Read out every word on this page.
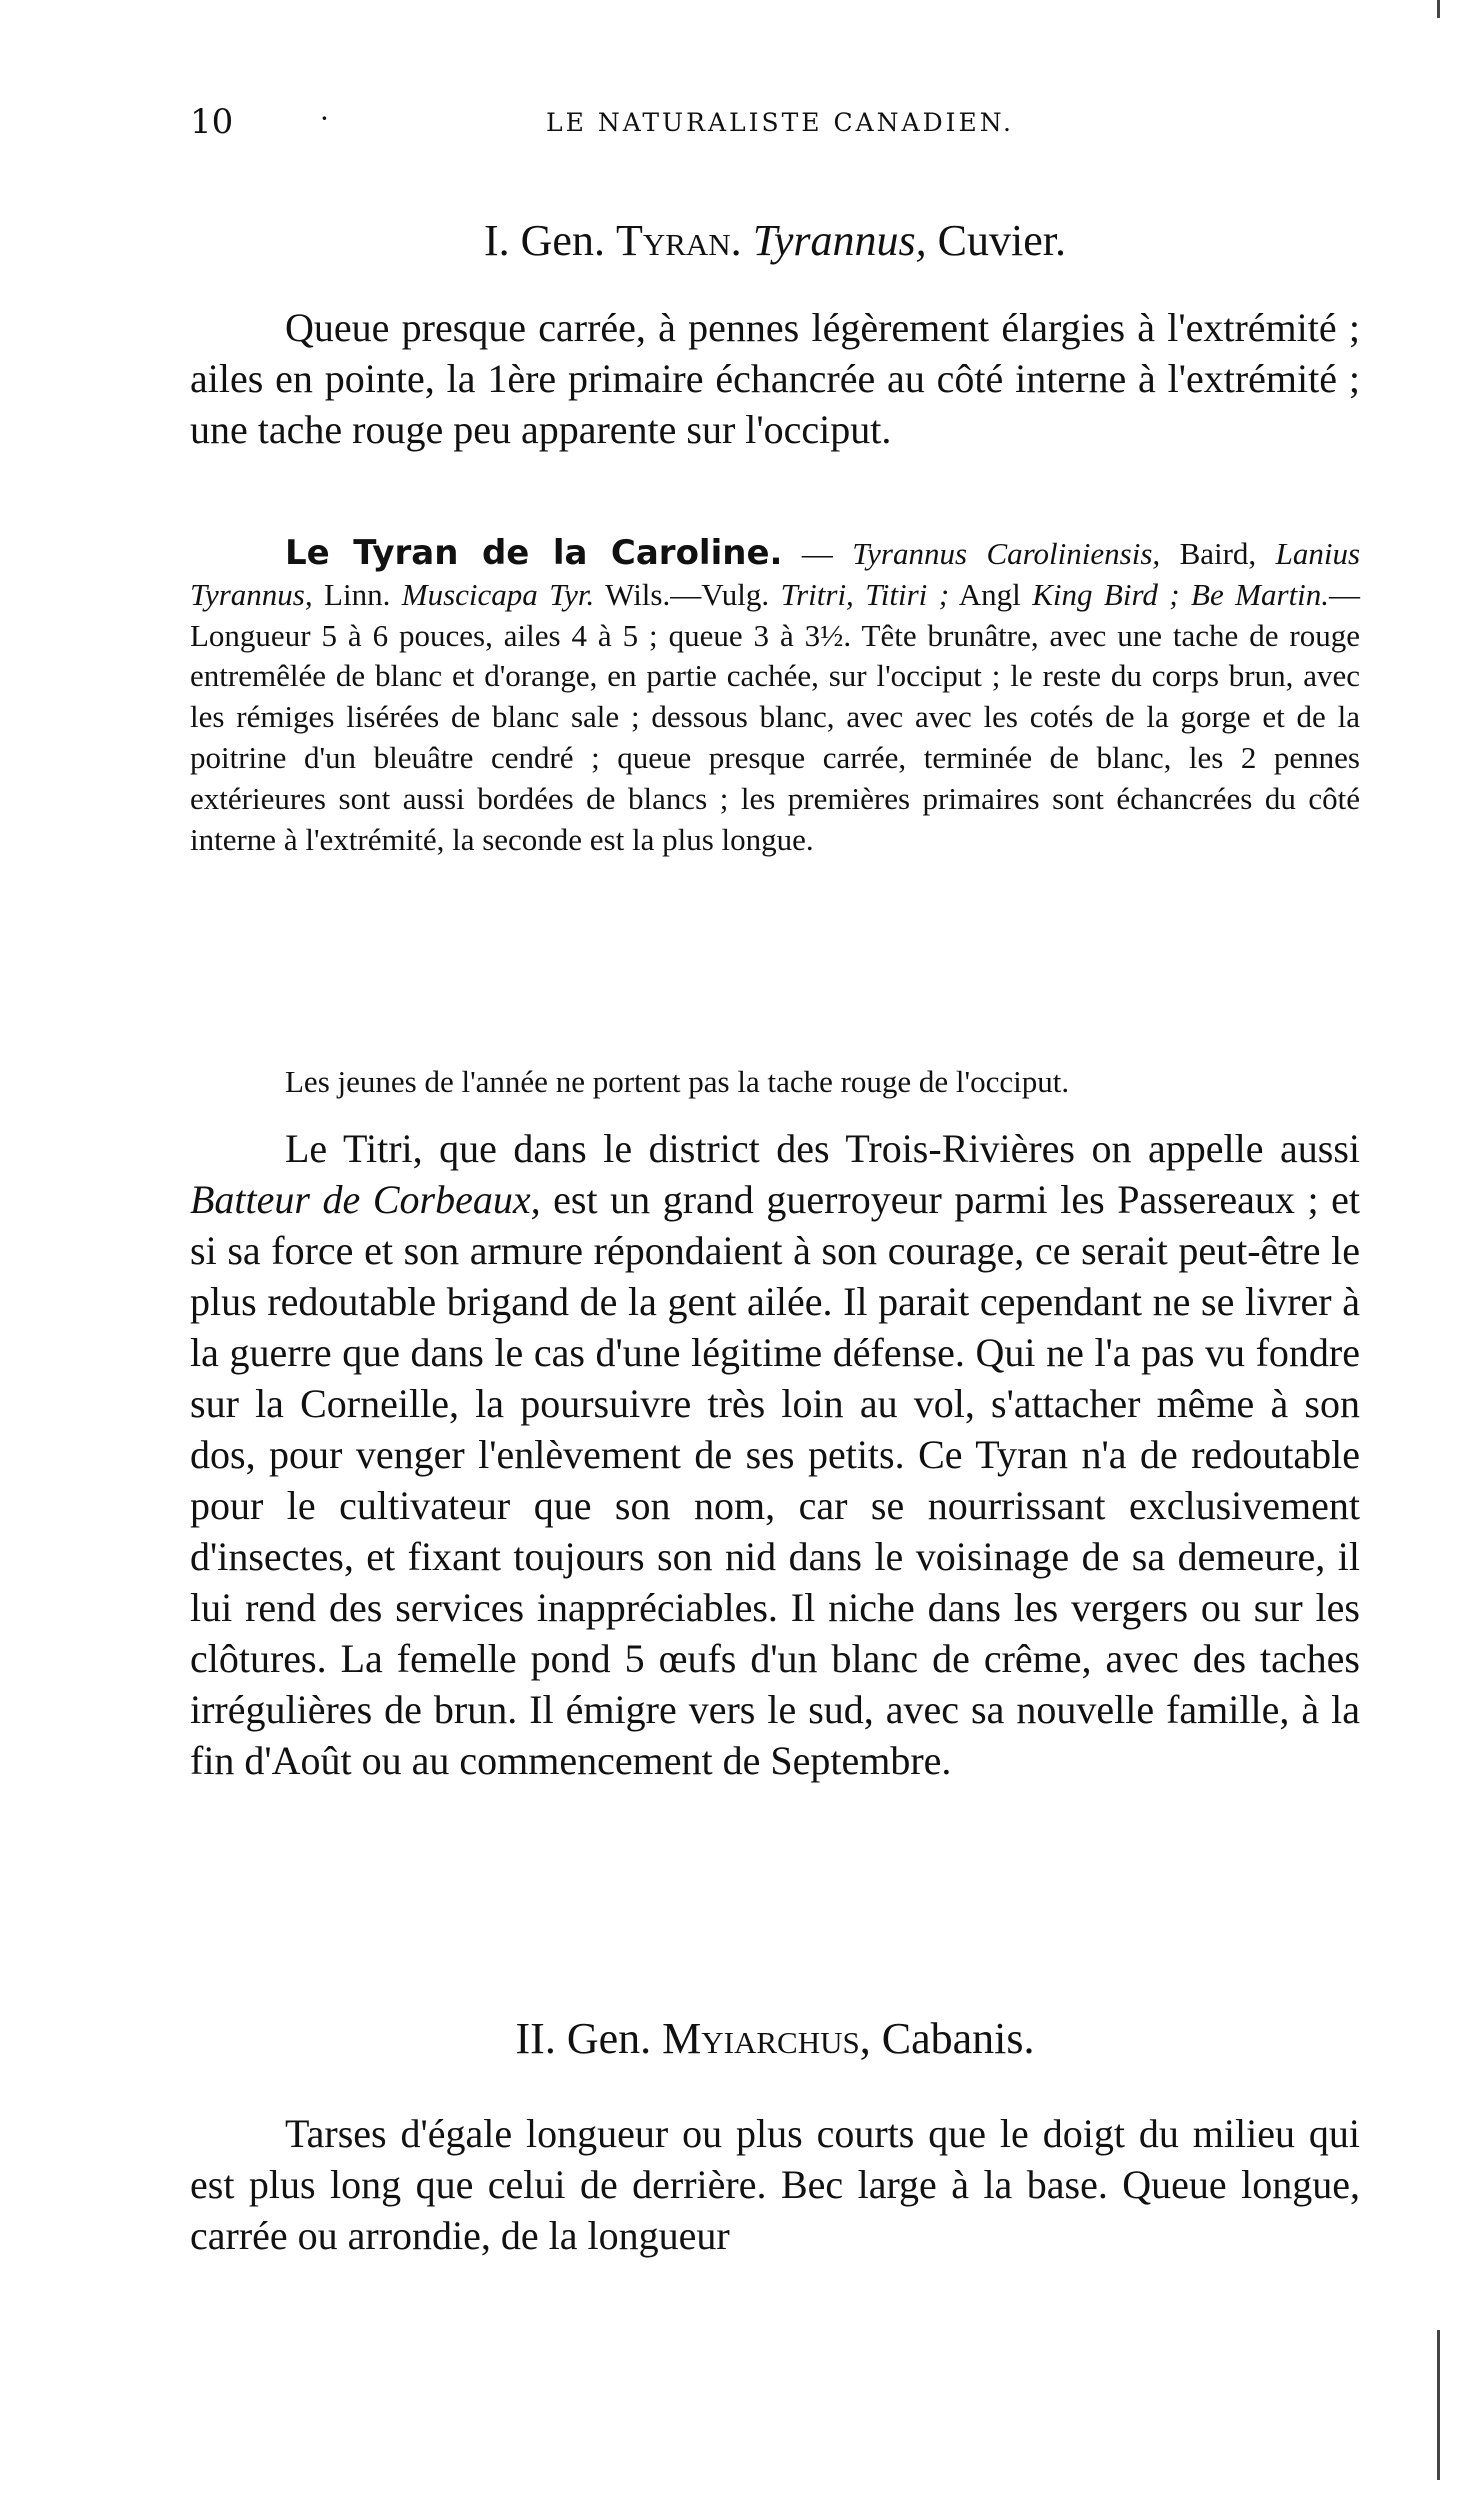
10	·	LE NATURALISTE CANADIEN.
I. Gen. Tyran. Tyrannus, Cuvier.

Queue presque carrée, à pennes légèrement élargies à l'extrémité ; ailes en pointe, la 1ère primaire échancrée au côté interne à l'extrémité ; une tache rouge peu apparente sur l'occiput.

Le Tyran de la Caroline. — Tyrannus Caroliniensis, Baird, Lanius Tyrannus, Linn. Muscicapa Tyr. Wils.—Vulg. Tritri, Titiri ; Angl King Bird ; Be Martin.—Longueur 5 à 6 pouces, ailes 4 à 5 ; queue 3 à 3½. Tête brunâtre, avec une tache de rouge entremêlée de blanc et d'orange, en partie cachée, sur l'occiput ; le reste du corps brun, avec les rémiges lisérées de blanc sale ; dessous blanc, avec avec les cotés de la gorge et de la poitrine d'un bleuâtre cendré ; queue presque carrée, terminée de blanc, les 2 pennes extérieures sont aussi bordées de blancs ; les premières primaires sont échancrées du côté interne à l'extrémité, la seconde est la plus longue.

Les jeunes de l'année ne portent pas la tache rouge de l'occiput.

Le Titri, que dans le district des Trois-Rivières on appelle aussi Batteur de Corbeaux, est un grand guerroyeur parmi les Passereaux ; et si sa force et son armure répondaient à son courage, ce serait peut-être le plus redoutable brigand de la gent ailée. Il parait cependant ne se livrer à la guerre que dans le cas d'une légitime défense. Qui ne l'a pas vu fondre sur la Corneille, la poursuivre très loin au vol, s'attacher même à son dos, pour venger l'enlèvement de ses petits. Ce Tyran n'a de redoutable pour le cultivateur que son nom, car se nourrissant exclusivement d'insectes, et fixant toujours son nid dans le voisinage de sa demeure, il lui rend des services inappréciables. Il niche dans les vergers ou sur les clôtures. La femelle pond 5 œufs d'un blanc de crême, avec des taches irrégulières de brun. Il émigre vers le sud, avec sa nouvelle famille, à la fin d'Août ou au commencement de Septembre.

II. Gen. Myiarchus, Cabanis.

Tarses d'égale longueur ou plus courts que le doigt du milieu qui est plus long que celui de derrière. Bec large à la base. Queue longue, carrée ou arrondie, de la longueur
